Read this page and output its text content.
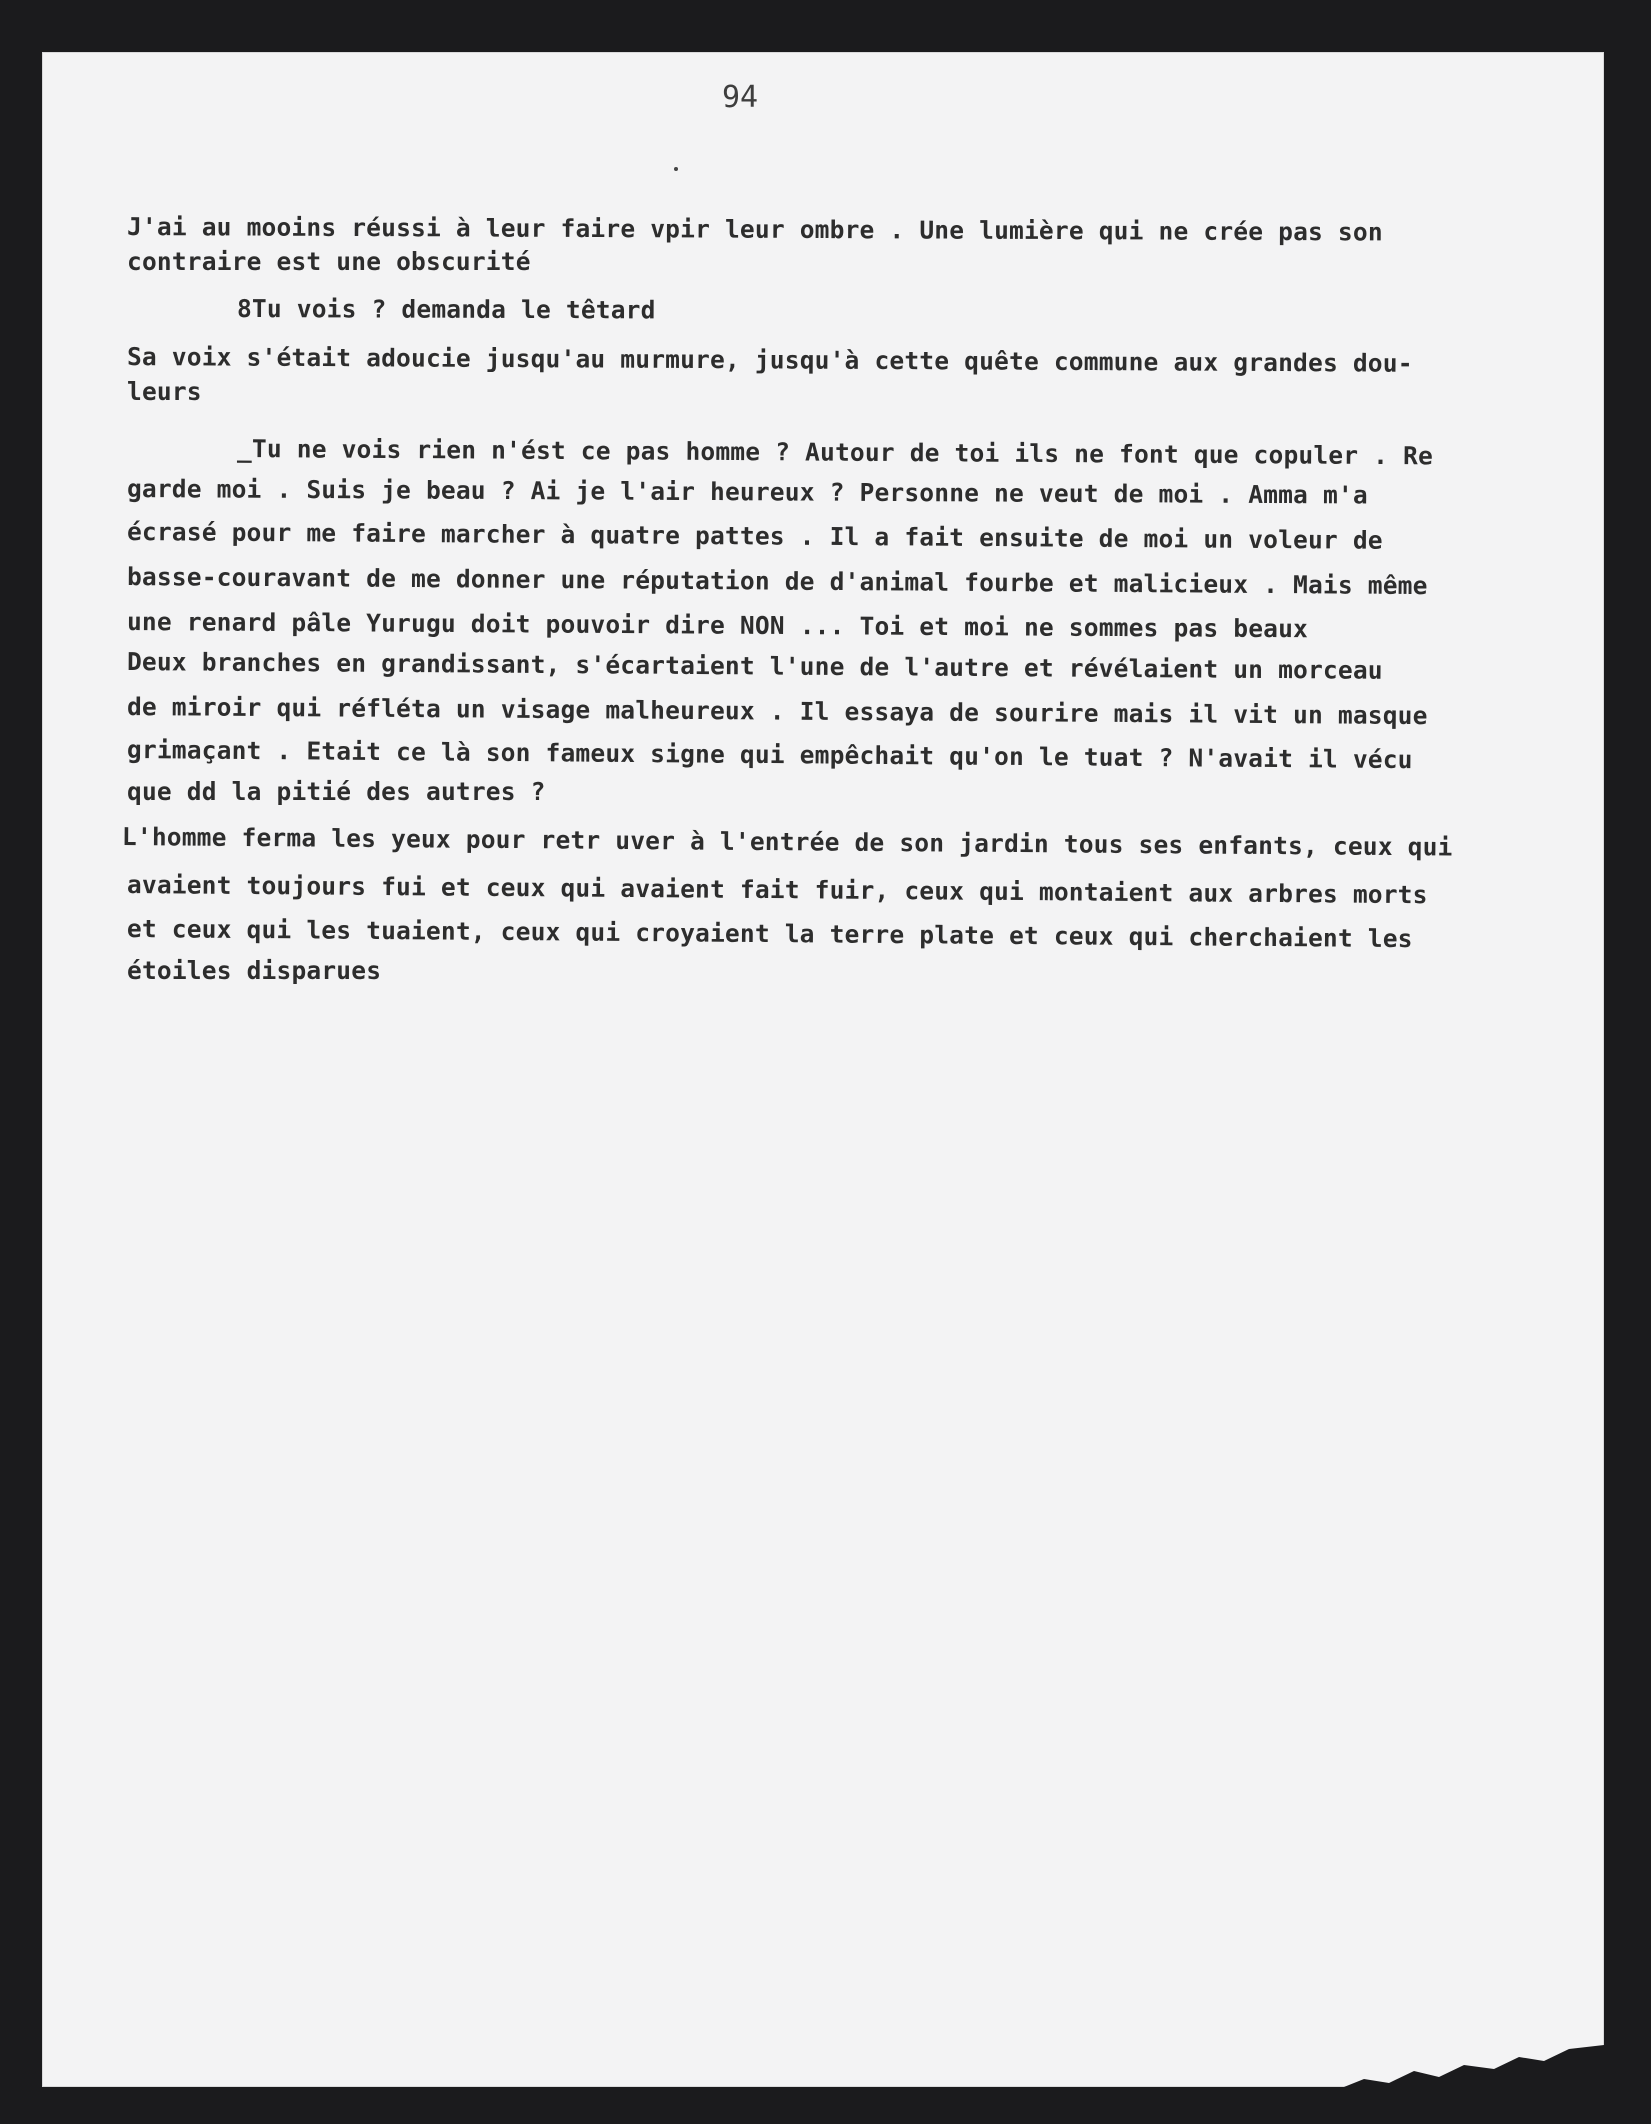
94
J'ai au mooins réussi à leur faire vpir leur ombre . Une lumière qui ne crée pas son
contraire est une obscurité
8Tu vois ? demanda le têtard
Sa voix s'était adoucie jusqu'au murmure, jusqu'à cette quête commune aux grandes dou-
leurs
_Tu ne vois rien n'ést ce pas homme ? Autour de toi ils ne font que copuler . Re
garde moi . Suis je beau ? Ai je l'air heureux ? Personne ne veut de moi . Amma m'a
écrasé pour me faire marcher à quatre pattes . Il a fait ensuite de moi un voleur de
basse-couravant de me donner une réputation de d'animal fourbe et malicieux . Mais même
une renard pâle Yurugu doit pouvoir dire NON ... Toi et moi ne sommes pas beaux
Deux branches en grandissant, s'écartaient l'une de l'autre et révélaient un morceau
de miroir qui réfléta un visage malheureux . Il essaya de sourire mais il vit un masque
grimaçant . Etait ce là son fameux signe qui empêchait qu'on le tuat ? N'avait il vécu
que dd la pitié des autres ?
L'homme ferma les yeux pour retr uver à l'entrée de son jardin tous ses enfants, ceux qui
avaient toujours fui et ceux qui avaient fait fuir, ceux qui montaient aux arbres morts
et ceux qui les tuaient, ceux qui croyaient la terre plate et ceux qui cherchaient les
étoiles disparues
